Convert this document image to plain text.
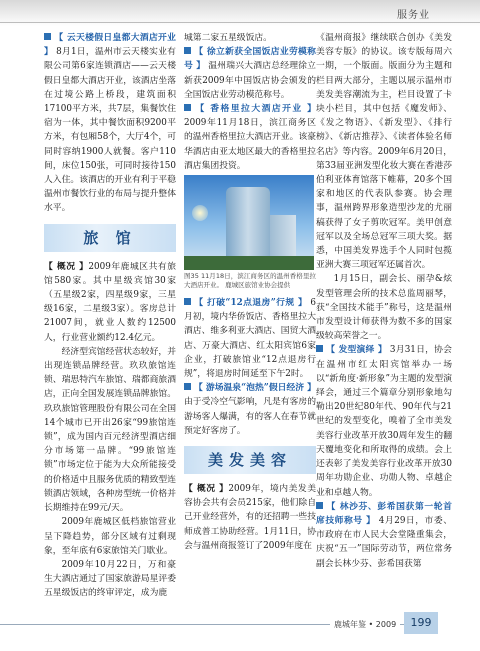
服务业

【 云天楼假日皇都大酒店开业 】 8月1日，温州市云天楼实业有限公司第6家连锁酒店——云天楼假日皇都大酒店开业，该酒店坐落在过境公路上桥段，建筑面积17100平方米，共7层，集餐饮住宿为一体，其中餐饮面积9200平方米，有包厢58个，大厅4个，可同时容纳1900人就餐。客户110间，床位150张，可同时接待150人入住。该酒店的开业有利于平稳温州市餐饮行业的布局与提升整体水平。

旅 馆

【 概况 】2009年鹿城区共有旅馆580家。其中星级宾馆30家（五星级2家，四星级9家，三星级16家，二星级3家）。客房总计21007间，就业人数约12500人，行业营业额约12.4亿元。

经济型宾馆经营状态较好，并出现连锁品牌经营。玖玖旅馆连锁、瑞思特汽车旅馆、瑞都商旅酒店，正向全国发展连锁品牌旅馆。玖玖旅馆管理股份有限公司在全国14个城市已开出26家“99旅馆连锁”，成为国内百元经济型酒店细分市场第一品牌。“99旅馆连锁”市场定位于能为大众所能接受的价格适中且服务优质的精致型连锁酒店领域，各种房型统一价格并长期维持在99元/天。

2009年鹿城区低档旅馆营业呈下降趋势，部分区域有过剩现象，至年底有6家旅馆关门歇业。

2009年10月22日，万和豪生大酒店通过了国家旅游局星评委五星级饭店的终审评定，成为鹿

城第二家五星级饭店。

【 徐立新获全国饭店业劳模称号 】 温州瑞兴大酒店总经理徐立新获2009年中国饭店协会颁发的全国饭店业劳动模范称号。

【 香格里拉大酒店开业 】 2009年11月18日，滨江商务区的温州香格里拉大酒店开业。该豪华酒店由亚太地区最大的香格里拉酒店集团投资。

图35 11月18日，滨江商务区的温州香格里拉大酒店开业。 鹿城区旅馆业协会提供

【 打破“12点退房”行规 】 6月初，境内华侨饭店、香格里拉大酒店、维多利亚大酒店、国贸大酒店、万豪大酒店、红太阳宾馆6家企业，打破旅馆业“12点退房行规”，将退房时间延至下午2时。

【 游场温泉“泡热”假日经济 】 由于受冷空气影响，凡是有客房的游场客人爆满，有的客人在春节就预定好客房了。

美发美容

【 概况 】2009年，境内美发美容协会共有会员215家，他们除自己开业经营外，有的还招聘一些技师成普工协助经营。1月11日，协会与温州商报签订了2009年度在

《温州商报》继续联合创办《美发美容专版》的协议。该专版每周六一期，一个版面。版面分为主题和栏目两大部分，主题以展示温州市美发美容潮流为主，栏目设置了卡块小栏目，其中包括《魔发师》、《发之物语》、《新发型》、《排行榜》、《新店推荐》、《读者体验名师名店》等内容。2009年6月20日，第33届亚洲发型化妆大赛在香港莎伯利亚体育馆落下帷幕，20多个国家和地区的代表队参赛。协会理事，温州跨界形象造型沙龙的尤丽稿获得了女子剪吹冠军。美甲创意冠军以及全场总冠军三项大奖。据悉，中国美发界选手个人同时包揽亚洲大赛三项冠军还属首次。

1月15日，副会长、丽孕&炫发型管理会所的技术总监周丽琴，获“全国技术能手”称号，这是温州市发型设计师获得为数不多的国家级较高荣誉之一。

【 发型演绎 】 3月31日，协会在温州市红太阳宾馆举办一场以“新角度·新形象”为主题的发型演绎会，通过三个篇章分别形象地勾勒出20世纪80年代、90年代与21世纪的发型变化，嗅着了全市美发美容行业改革开放30周年发生的翻天覆地变化和所取得的成绩。会上还表彰了美发美容行业改革开放30周年功勋企业、功勋人物、卓越企业和卓越人物。

【 林沙芬、彭希国获第一轮首席技师称号 】 4月29日，市委、市政府在市人民大会堂隆重集会，庆祝“五一”国际劳动节，两位常务副会长林少芬、彭希国获第

鹿城年鉴 • 2009	199
